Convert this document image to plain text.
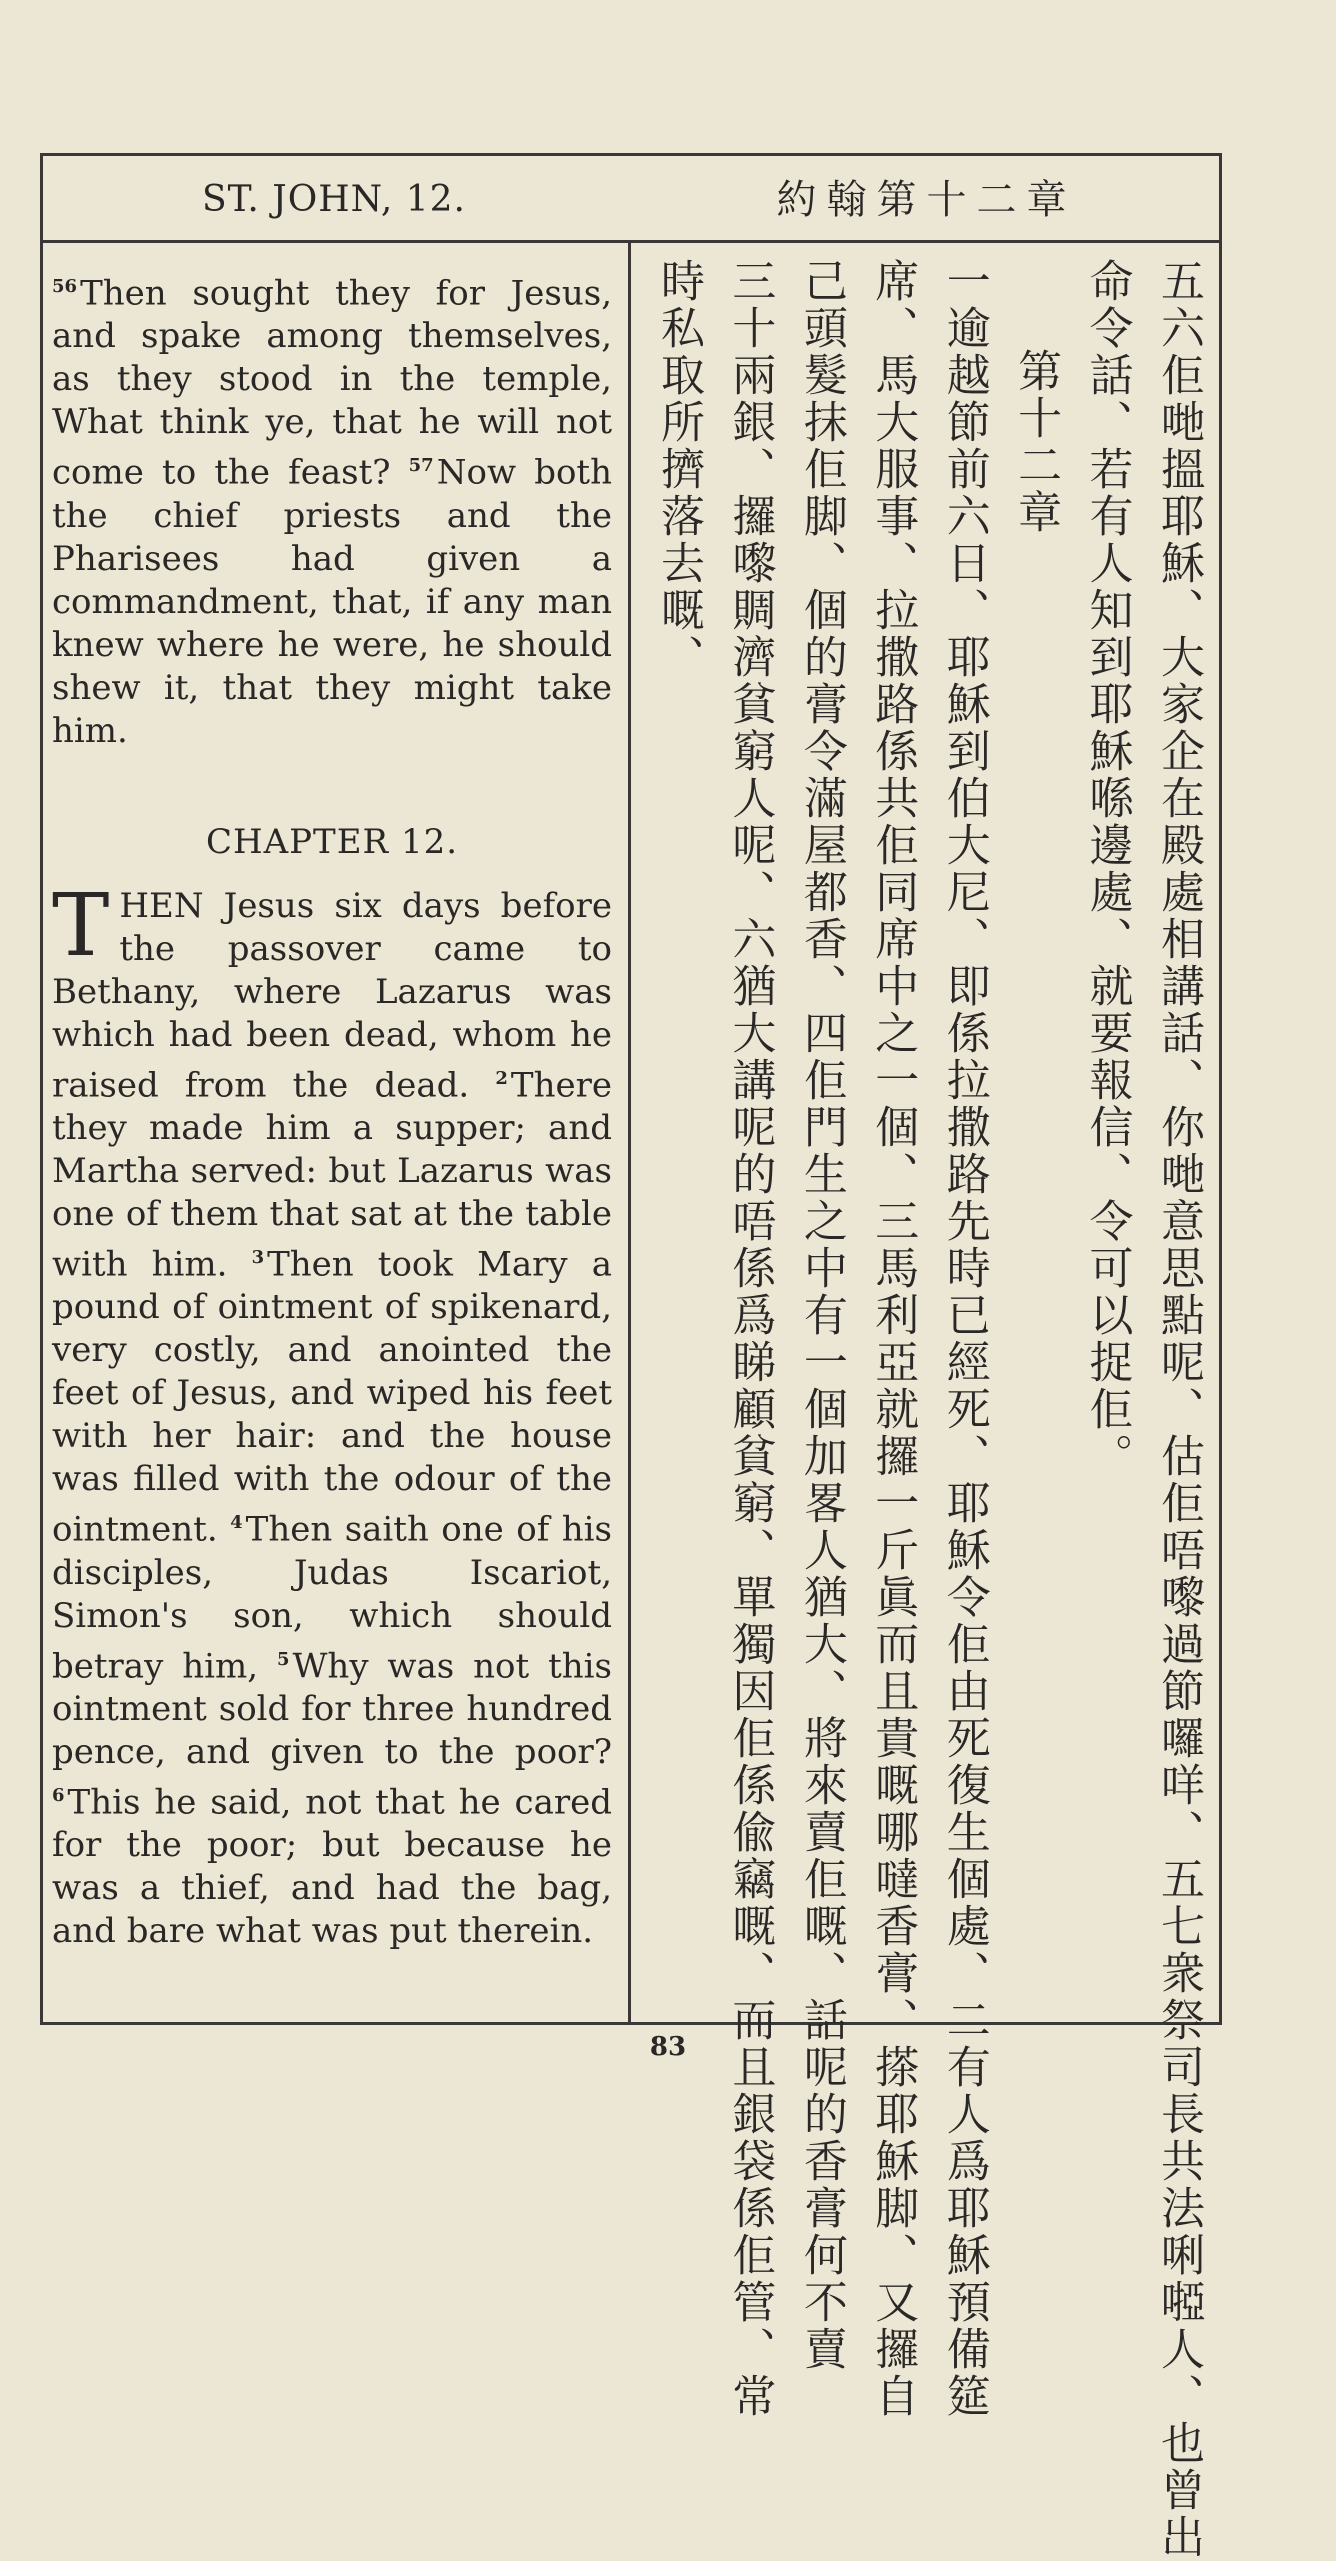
ST. JOHN, 12.	約翰第十二章

$^{56}$Then sought they for Jesus, and spake among themselves, as they stood in the temple, What think ye, that he will not come to the feast? $^{57}$Now both the chief priests and the Pharisees had given a commandment, that, if any man knew where he were, he should shew it, that they might take him.

CHAPTER 12.

THEN Jesus six days before the passover came to Bethany, where Lazarus was which had been dead, whom he raised from the dead. $^2$There they made him a supper; and Martha served: but Lazarus was one of them that sat at the table with him. $^3$Then took Mary a pound of ointment of spikenard, very costly, and anointed the feet of Jesus, and wiped his feet with her hair: and the house was filled with the odour of the ointment. $^4$Then saith one of his disciples, Judas Iscariot, Simon's son, which should betray him, $^5$Why was not this ointment sold for three hundred pence, and given to the poor? $^6$This he said, not that he cared for the poor; but because he was a thief, and had the bag, and bare what was put therein.	五六佢哋搵耶穌、大家企在殿處相講話、你哋意思點呢、估佢唔嚟過節囉咩、五七衆祭司長共法唎𠻺人、也曾出
命令話、若有人知到耶穌喺邊處、就要報信、令可以捉佢。
第十二章
一逾越節前六日、耶穌到伯大尼、即係拉撒路先時已經死、耶穌令佢由死復生個處、二有人爲耶穌預備筵
席、馬大服事、拉撒路係共佢同席中之一個、三馬利亞就攞一斤眞而且貴嘅哪噠香膏、搽耶穌脚、又攞自
己頭髮抹佢脚、個的膏令滿屋都香、四佢門生之中有一個加畧人猶大、將來賣佢嘅、話呢的香膏何不賣
三十兩銀、攞嚟賙濟貧窮人呢、六猶大講呢的唔係爲睇顧貧窮、單獨因佢係偸竊嘅、而且銀袋係佢管、常
時私取所擠落去嘅、
83
